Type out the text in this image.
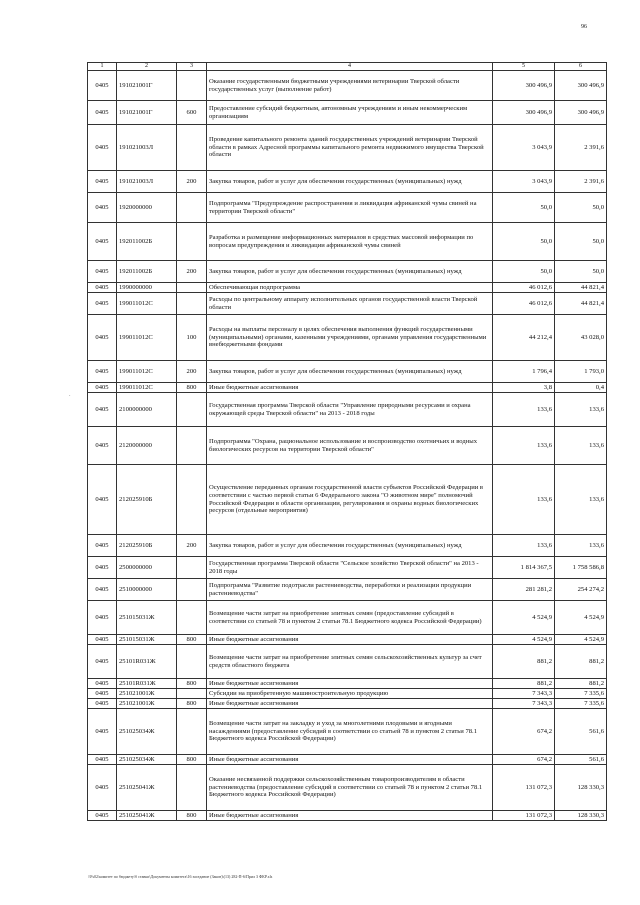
96
·
1	2	3	4	5	6
0405	191021001Г		Оказание государственными бюджетными учреждениями ветеринарии Тверской области государственных услуг (выполнение работ)	300 496,9	300 496,9
0405	191021001Г	600	Предоставление субсидий бюджетным, автономным учреждениям и иным некоммерческим организациям	300 496,9	300 496,9
0405	191021003Л		Проведение капитального ремонта зданий государственных учреждений ветеринарии Тверской области в рамках Адресной программы капитального ремонта недвижимого имущества Тверской области	3 043,9	2 391,6
0405	191021003Л	200	Закупка товаров, работ и услуг для обеспечения государственных (муниципальных) нужд	3 043,9	2 391,6
0405	1920000000		Подпрограмма "Предупреждение распространения и ликвидация африканской чумы свиней на территории Тверской области"	50,0	50,0
0405	192011002Б		Разработка и размещение информационных материалов в средствах массовой информации по вопросам предупреждения и ликвидации африканской чумы свиней	50,0	50,0
0405	192011002Б	200	Закупка товаров, работ и услуг для обеспечения государственных (муниципальных) нужд	50,0	50,0
0405	1990000000		Обеспечивающая подпрограмма	46 012,6	44 821,4
0405	199011012С		Расходы по центральному аппарату исполнительных органов государственной власти Тверской области	46 012,6	44 821,4
0405	199011012С	100	Расходы на выплаты персоналу в целях обеспечения выполнения функций государственными (муниципальными) органами, казенными учреждениями, органами управления государственными внебюджетными фондами	44 212,4	43 028,0
0405	199011012С	200	Закупка товаров, работ и услуг для обеспечения государственных (муниципальных) нужд	1 796,4	1 793,0
0405	199011012С	800	Иные бюджетные ассигнования	3,8	0,4
0405	2100000000		Государственная программа Тверской области "Управление природными ресурсами и охрана окружающей среды Тверской области" на 2013 - 2018 годы	133,6	133,6
0405	2120000000		Подпрограмма "Охрана, рациональное использование и воспроизводство охотничьих и водных биологических ресурсов на территории Тверской области"	133,6	133,6
0405	212025910Б		Осуществление переданных органам государственной власти субъектов Российской Федерации в соответствии с частью первой статьи 6 Федерального закона "О животном мире" полномочий Российской Федерации в области организации, регулирования и охраны водных биологических ресурсов (отдельные мероприятия)	133,6	133,6
0405	212025910Б	200	Закупка товаров, работ и услуг для обеспечения государственных (муниципальных) нужд	133,6	133,6
0405	2500000000		Государственная программа Тверской области "Сельское хозяйство Тверской области" на 2013 - 2018 годы	1 814 367,5	1 758 586,8
0405	2510000000		Подпрограмма "Развитие подотрасли растениеводства, переработки и реализации продукции растениеводства"	281 281,2	254 274,2
0405	251015031Ж		Возмещение части затрат на приобретение элитных семян (предоставление субсидий в соответствии со статьей 78 и пунктом 2 статьи 78.1 Бюджетного кодекса Российской Федерации)	4 524,9	4 524,9
0405	251015031Ж	800	Иные бюджетные ассигнования	4 524,9	4 524,9
0405	25101R031Ж		Возмещение части затрат на приобретение элитных семян сельскохозяйственных культур за счет средств областного бюджета	881,2	881,2
0405	25101R031Ж	800	Иные бюджетные ассигнования	881,2	881,2
0405	251021001Ж		Субсидии на приобретенную машиностроительную продукцию	7 343,3	7 335,6
0405	251021001Ж	800	Иные бюджетные ассигнования	7 343,3	7 335,6
0405	251025034Ж		Возмещение части затрат на закладку и уход за многолетними плодовыми и ягодными насаждениями (предоставление субсидий в соответствии со статьей 78 и пунктом 2 статьи 78.1 Бюджетного кодекса Российской Федерации)	674,2	561,6
0405	251025034Ж	800	Иные бюджетные ассигнования	674,2	561,6
0405	251025041Ж		Оказание несвязанной поддержки сельскохозяйственным товаропроизводителям в области растениеводства (предоставление субсидий в соответствии со статьей 78 и пунктом 2 статьи 78.1 Бюджетного кодекса Российской Федерации)	131 072,3	128 330,3
0405	251025041Ж	800	Иные бюджетные ассигнования	131 072,3	128 330,3
\\Fs02\комитет по бюджету\б ставки\Документы комитета\16 заседание (Закон)\(13) 282-П-6\Прил 3 ФКР.xls
